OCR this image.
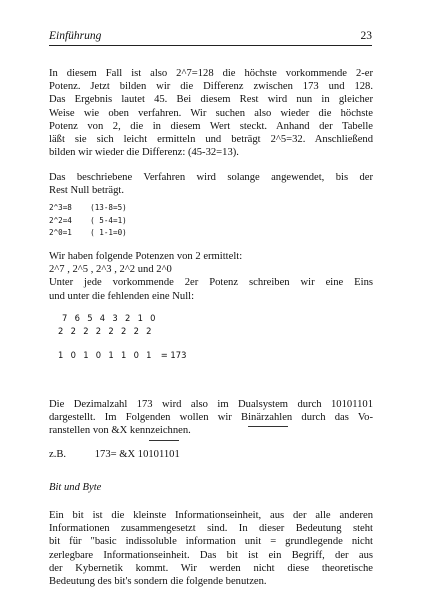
Einführung	23
In diesem Fall ist also 2^7=128 die höchste vorkommende 2-er
Potenz. Jetzt bilden wir die Differenz zwischen 173 und 128.
Das Ergebnis lautet 45. Bei diesem Rest wird nun in gleicher
Weise wie oben verfahren. Wir suchen also wieder die höchste
Potenz von 2, die in diesem Wert steckt. Anhand der Tabelle
läßt sie sich leicht ermitteln und beträgt 2^5=32. Anschließend
bilden wir wieder die Differenz: (45-32=13).
Das beschriebene Verfahren wird solange angewendet, bis der
Rest Null beträgt.
2^3=8    (13-8=5)
2^2=4    ( 5-4=1)
2^0=1    ( 1-1=0)
Wir haben folgende Potenzen von 2 ermittelt:
2^7 , 2^5 , 2^3 , 2^2 und 2^0
Unter jede vorkommende 2er Potenz schreiben wir eine Eins
und unter die fehlenden eine Null:
7 6 5 4 3 2 1 0
2 2 2 2 2 2 2 2
1 0 1 0 1 1 0 1 = 173
Die Dezimalzahl 173 wird also im Dualsystem durch 10101101
dargestellt. Im Folgenden wollen wir Binärzahlen durch das Vo-
ranstellen von &X kennzeichnen.
z.B.	173= &X 10101101
Bit und Byte
Ein bit ist die kleinste Informationseinheit, aus der alle anderen
Informationen zusammengesetzt sind. In dieser Bedeutung steht
bit für "basic indissoluble information unit = grundlegende nicht
zerlegbare Informationseinheit. Das bit ist ein Begriff, der aus
der Kybernetik kommt. Wir werden nicht diese theoretische
Bedeutung des bit's sondern die folgende benutzen.
